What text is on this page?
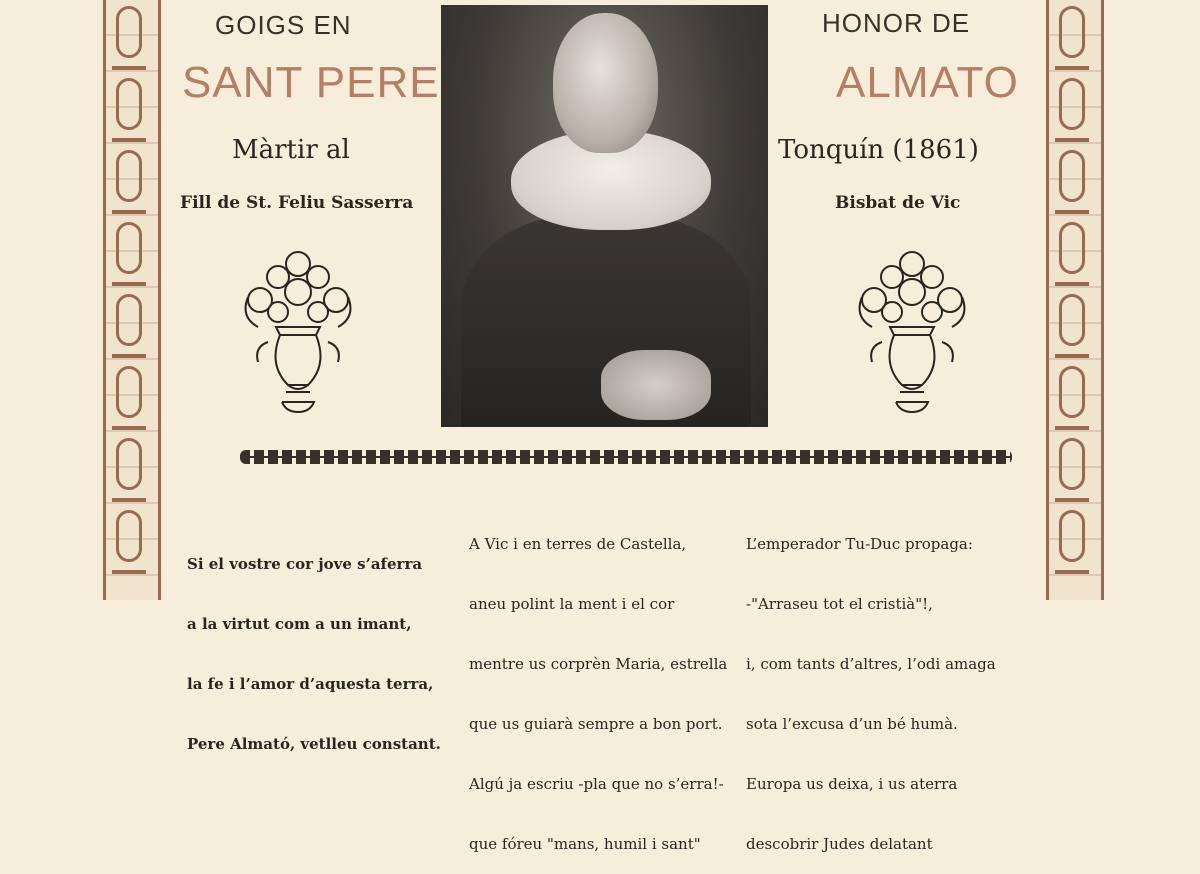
GOIGS EN	HONOR DE
SANT PERE	ALMATO
Màrtir al	Tonquín (1861)
Fill de St. Feliu Sasserra	Bisbat de Vic

Si el vostre cor jove s’aferra

a la virtut com a un imant,

la fe i l’amor d’aquesta terra,

Pere Almató, vetlleu constant.

A Vic i en terres de Castella,

aneu polint la ment i el cor

mentre us corprèn Maria, estrella

que us guiarà sempre a bon port.

Algú ja escriu -pla que no s’erra!-

que fóreu "mans, humil i sant"

L’emperador Tu-Duc propaga:

-"Arraseu tot el cristià"!,

i, com tants d’altres, l’odi amaga

sota l’excusa d’un bé humà.

Europa us deixa, i us aterra

descobrir Judes delatant
